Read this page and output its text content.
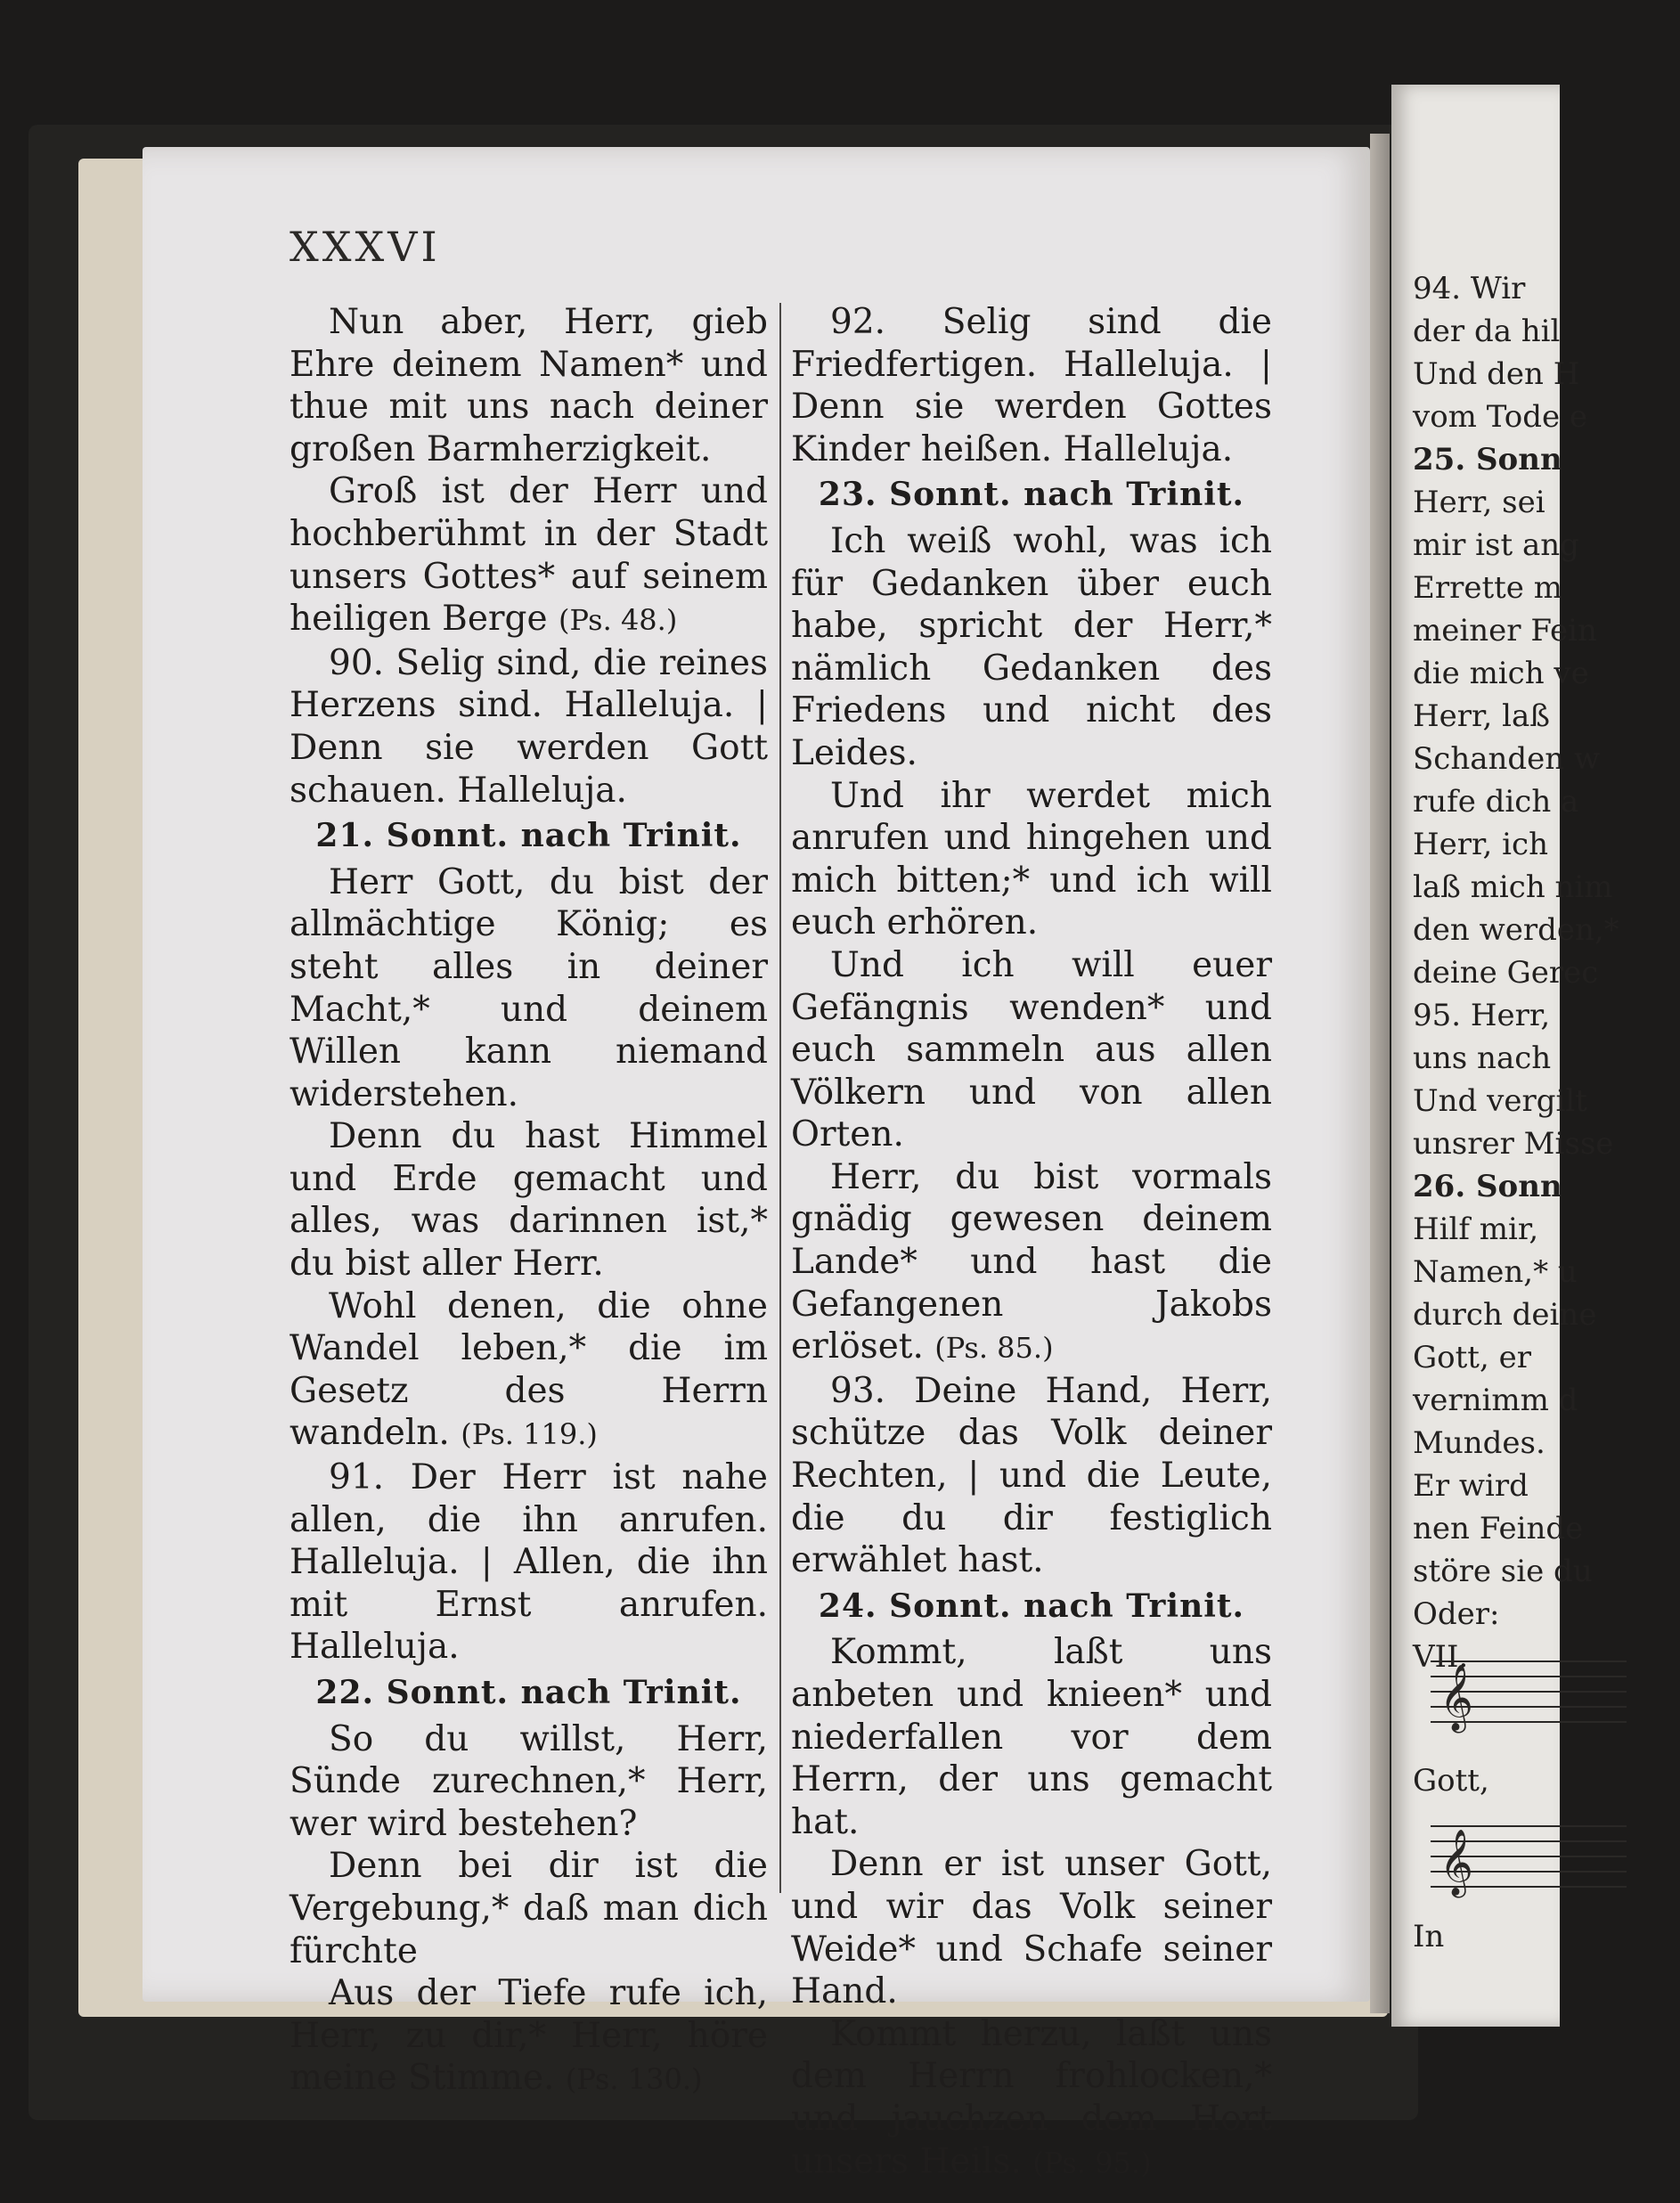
XXXVI

Nun aber, Herr, gieb Ehre deinem Namen* und thue mit uns nach deiner großen Barmherzigkeit.

Groß ist der Herr und hochberühmt in der Stadt unsers Gottes* auf seinem heiligen Berge (Ps. 48.)

90. Selig sind, die reines Herzens sind. Halleluja. | Denn sie werden Gott schauen. Halleluja.

21. Sonnt. nach Trinit.

Herr Gott, du bist der allmächtige König; es steht alles in deiner Macht,* und deinem Willen kann niemand widerstehen.

Denn du hast Himmel und Erde gemacht und alles, was darinnen ist,* du bist aller Herr.

Wohl denen, die ohne Wandel leben,* die im Gesetz des Herrn wandeln. (Ps. 119.)

91. Der Herr ist nahe allen, die ihn anrufen. Halleluja. | Allen, die ihn mit Ernst anrufen. Halleluja.

22. Sonnt. nach Trinit.

So du willst, Herr, Sünde zurechnen,* Herr, wer wird bestehen?

Denn bei dir ist die Vergebung,* daß man dich fürchte

Aus der Tiefe rufe ich, Herr, zu dir,* Herr, höre meine Stimme. (Ps. 130.)

92. Selig sind die Friedfertigen. Halleluja. | Denn sie werden Gottes Kinder heißen. Halleluja.

23. Sonnt. nach Trinit.

Ich weiß wohl, was ich für Gedanken über euch habe, spricht der Herr,* nämlich Gedanken des Friedens und nicht des Leides.

Und ihr werdet mich anrufen und hingehen und mich bitten;* und ich will euch erhören.

Und ich will euer Gefängnis wenden* und euch sammeln aus allen Völkern und von allen Orten.

Herr, du bist vormals gnädig gewesen deinem Lande* und hast die Gefangenen Jakobs erlöset. (Ps. 85.)

93. Deine Hand, Herr, schütze das Volk deiner Rechten, | und die Leute, die du dir festiglich erwählet hast.

24. Sonnt. nach Trinit.

Kommt, laßt uns anbeten und knieen* und niederfallen vor dem Herrn, der uns gemacht hat.

Denn er ist unser Gott, und wir das Volk seiner Weide* und Schafe seiner Hand.

Kommt herzu, laßt uns dem Herrn frohlocken,* und jauchzen dem Hort unsers Heils. (Ps. 95.)

94. Wir
der da hil
Und den H
vom Tode e
25. Sonn
Herr, sei
mir ist ang
Errette m
meiner Fein
die mich ve
Herr, laß
Schanden w
rufe dich a
Herr, ich
laß mich nim
den werden,*
deine Gerec
95. Herr,
uns nach
Und vergilt
unsrer Misse
26. Sonn
Hilf mir,
Namen,* u
durch deine
Gott, er
vernimm d
Mundes.
Er wird
nen Feinde
störe sie du
Oder:
VII.
𝄞
Gott,
𝄞
In
